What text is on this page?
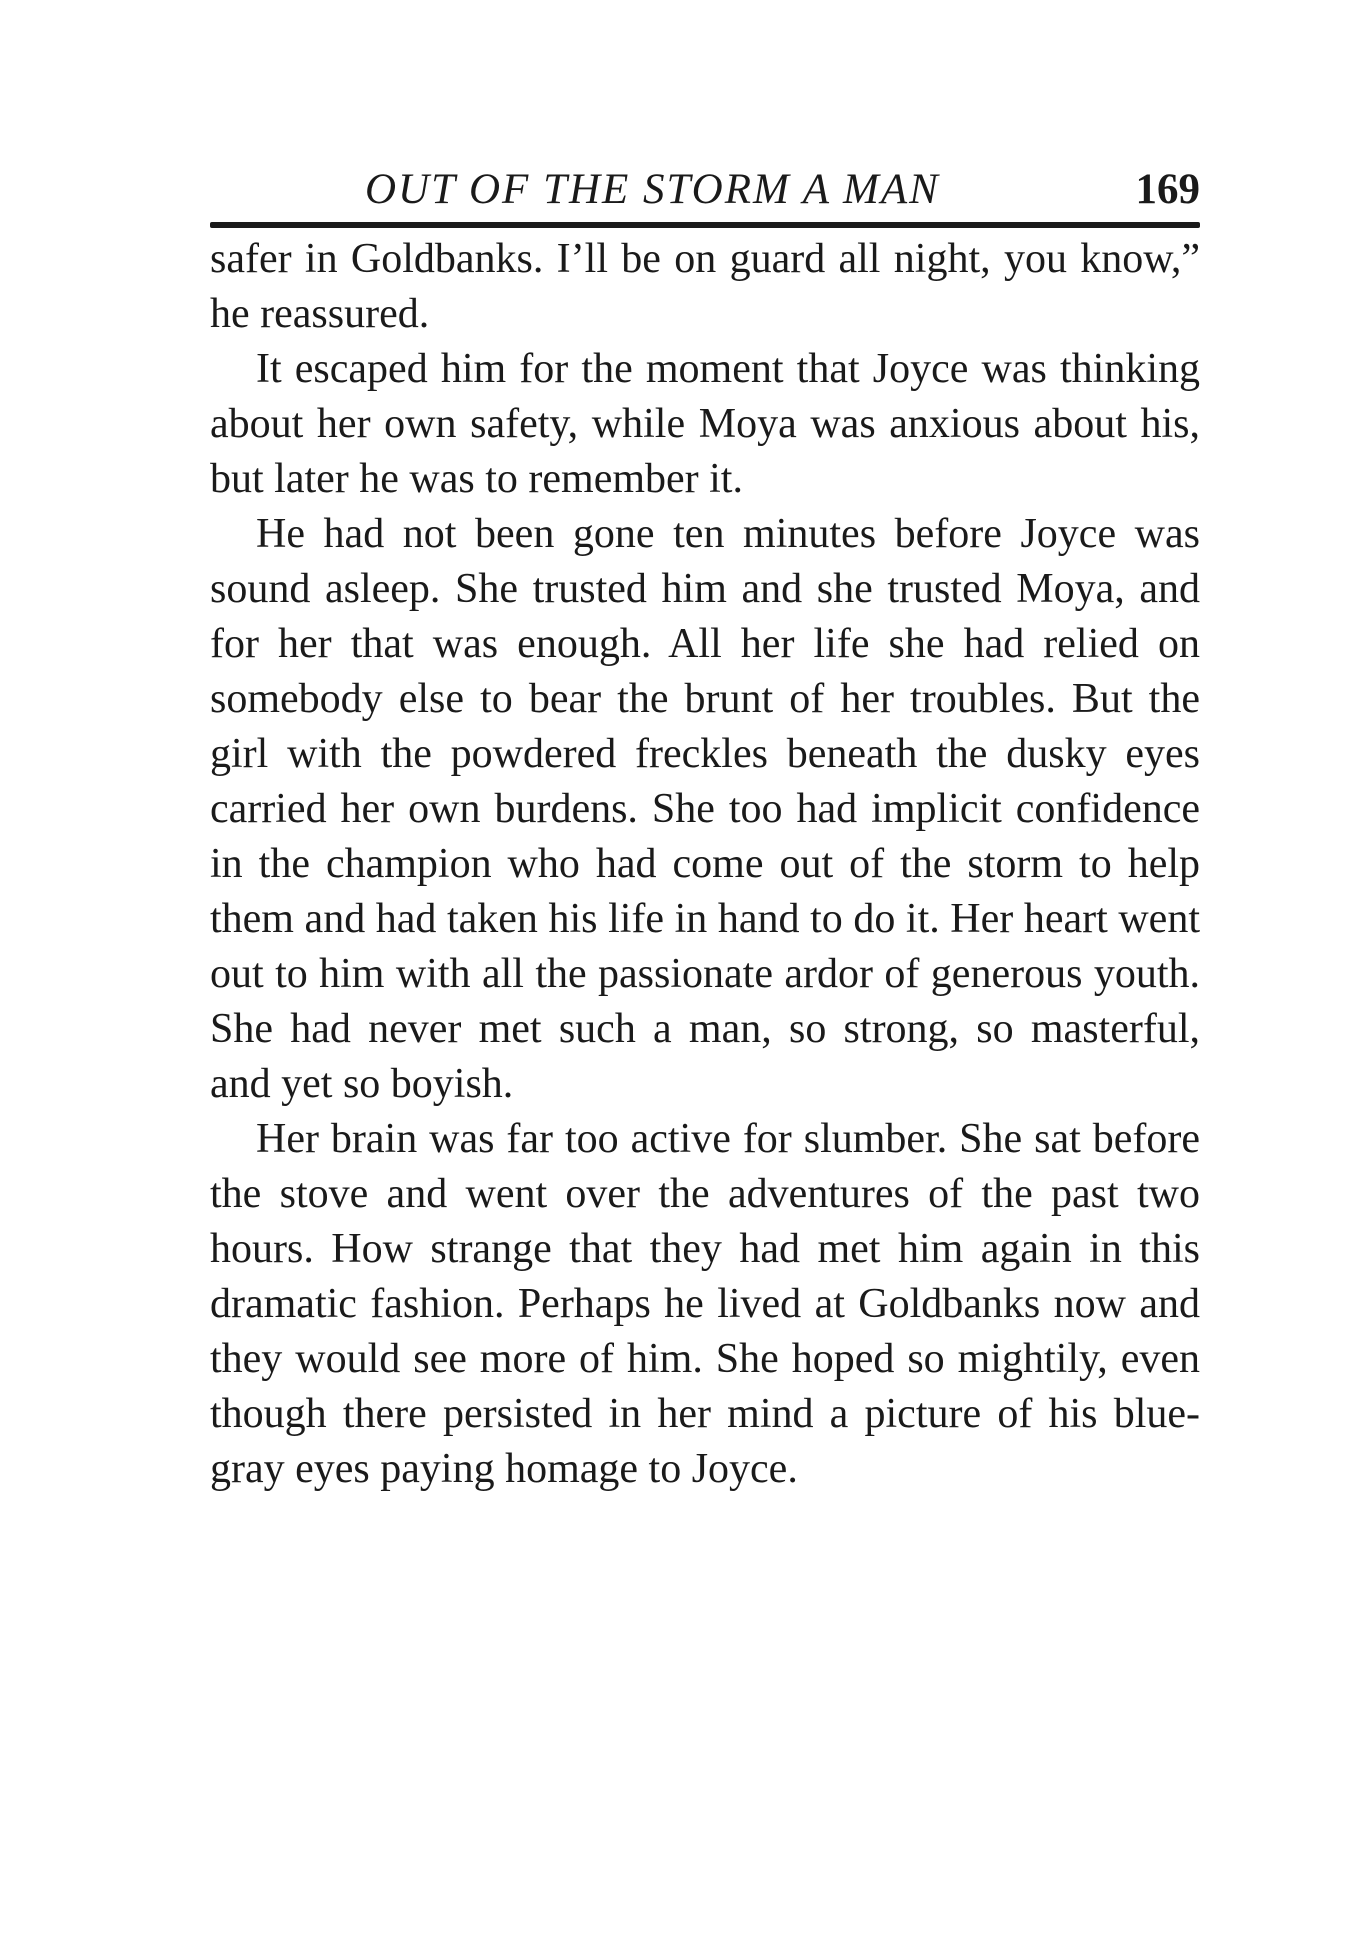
OUT OF THE STORM A MAN	169

safer in Goldbanks. I’ll be on guard all night, you know,” he reassured.

It escaped him for the moment that Joyce was thinking about her own safety, while Moya was anxious about his, but later he was to remember it.

He had not been gone ten minutes before Joyce was sound asleep. She trusted him and she trusted Moya, and for her that was enough. All her life she had relied on somebody else to bear the brunt of her troubles. But the girl with the powdered freckles beneath the dusky eyes carried her own burdens. She too had implicit confidence in the champion who had come out of the storm to help them and had taken his life in hand to do it. Her heart went out to him with all the passionate ardor of generous youth. She had never met such a man, so strong, so masterful, and yet so boyish.

Her brain was far too active for slumber. She sat before the stove and went over the adventures of the past two hours. How strange that they had met him again in this dramatic fashion. Perhaps he lived at Goldbanks now and they would see more of him. She hoped so mightily, even though there persisted in her mind a picture of his blue-gray eyes paying homage to Joyce.
